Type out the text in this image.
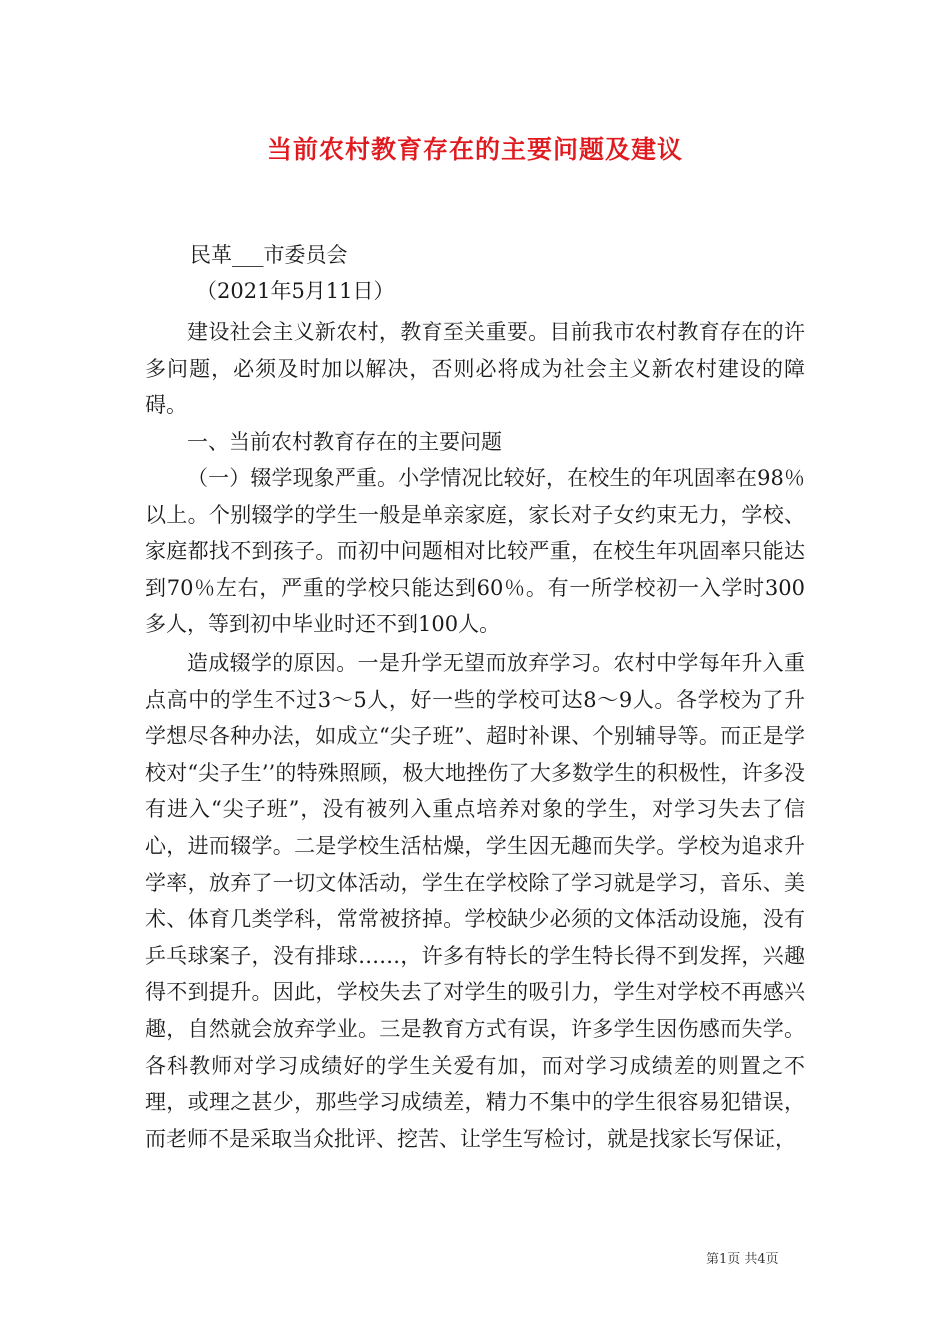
当前农村教育存在的主要问题及建议
民革___市委员会
（2021年5月11日）

建设社会主义新农村，教育至关重要。目前我市农村教育存在的许多问题，必须及时加以解决，否则必将成为社会主义新农村建设的障碍。

一、当前农村教育存在的主要问题

（一）辍学现象严重。小学情况比较好，在校生的年巩固率在98％以上。个别辍学的学生一般是单亲家庭，家长对子女约束无力，学校、家庭都找不到孩子。而初中问题相对比较严重，在校生年巩固率只能达到70％左右，严重的学校只能达到60％。有一所学校初一入学时300多人，等到初中毕业时还不到100人。

造成辍学的原因。一是升学无望而放弃学习。农村中学每年升入重点高中的学生不过3～5人，好一些的学校可达8～9人。各学校为了升学想尽各种办法，如成立“尖子班”、超时补课、个别辅导等。而正是学校对“尖子生’’的特殊照顾，极大地挫伤了大多数学生的积极性，许多没有进入“尖子班”，没有被列入重点培养对象的学生，对学习失去了信心，进而辍学。二是学校生活枯燥，学生因无趣而失学。学校为追求升学率，放弃了一切文体活动，学生在学校除了学习就是学习，音乐、美术、体育几类学科，常常被挤掉。学校缺少必须的文体活动设施，没有乒乓球案子，没有排球……，许多有特长的学生特长得不到发挥，兴趣得不到提升。因此，学校失去了对学生的吸引力，学生对学校不再感兴趣，自然就会放弃学业。三是教育方式有误，许多学生因伤感而失学。各科教师对学习成绩好的学生关爱有加，而对学习成绩差的则置之不理，或理之甚少，那些学习成绩差，精力不集中的学生很容易犯错误，而老师不是采取当众批评、挖苦、让学生写检讨，就是找家长写保证，

第1页 共4页
